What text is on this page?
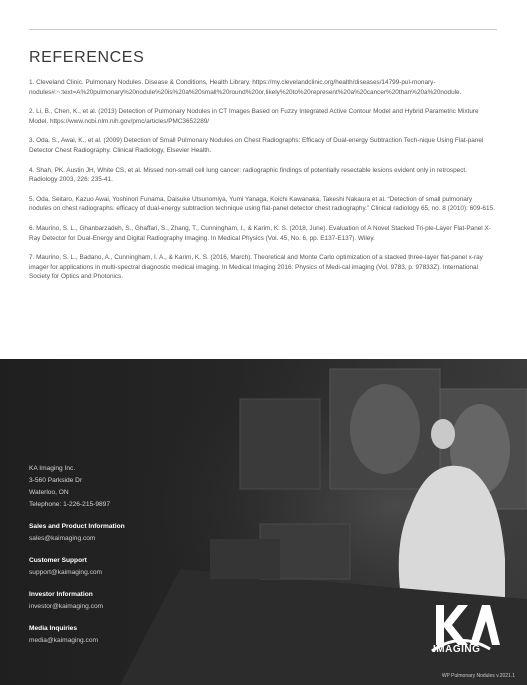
REFERENCES

1. Cleveland Clinic. Pulmonary Nodules. Disease & Conditions, Health Library. https://my.clevelandclinic.org/health/diseases/14799-pul-monary-nodules#:~:text=A%20pulmonary%20nodule%20is%20a%20small%20round%20or,likely%20to%20represent%20a%20cancer%20than%20a%20nodule.

2. Li, B., Chen, K., et al. (2013) Detection of Pulmonary Nodules in CT Images Based on Fuzzy Integrated Active Contour Model and Hybrid Parametric Mixture Model. https://www.ncbi.nlm.nih.gov/pmc/articles/PMC3652289/

3. Oda, S., Awai, K., et al. (2009) Detection of Small Pulmonary Nodules on Chest Radiographs: Efficacy of Dual-energy Subtraction Tech-nique Using Flat-panel Detector Chest Radiography. Clinical Radiology, Elsevier Health.

4. Shah, PK. Austin JH, White CS, et al. Missed non-small cell lung cancer: radiographic findings of potentially resectable lesions evident only in retrospect. Radiology 2003, 226: 235-41.

5. Oda, Seitaro, Kazuo Awai, Yoshinori Funama, Daisuke Utsunomiya, Yumi Yanaga, Koichi Kawanaka, Takeshi Nakaura et al. “Detection of small pulmonary nodules on chest radiographs: efficacy of dual-energy subtraction technique using flat-panel detector chest radiography.” Clinical radiology 65, no. 8 (2010): 609-615.

6. Maurino, S. L., Ghanbarzadeh, S., Ghaffari, S., Zhang, T., Cunningham, I., & Karim, K. S. (2018, June). Evaluation of A Novel Stacked Tri-ple-Layer Flat-Panel X-Ray Detector for Dual-Energy and Digital Radiography Imaging. In Medical Physics (Vol. 45, No. 6, pp. E137-E137). Wiley.

7. Maurino, S. L., Badano, A., Cunningham, I. A., & Karim, K. S. (2016, March). Theoretical and Monte Carlo optimization of a stacked three-layer flat-panel x-ray imager for applications in multi-spectral diagnostic medical imaging. In Medical Imaging 2016: Physics of Medi-cal imaging (Vol. 9783, p. 97833Z). International Society for Optics and Photonics.

KA Imaging Inc.
3-560 Parkside Dr
Waterloo, ON
Telephone: 1-226-215-9897
Sales and Product Information
sales@kaimaging.com
Customer Support
support@kaimaging.com
Investor Information
investor@kaimaging.com
Media Inquiries
media@kaimaging.com
IMAGING
WP Pulmonary Nodules v.2021.1
